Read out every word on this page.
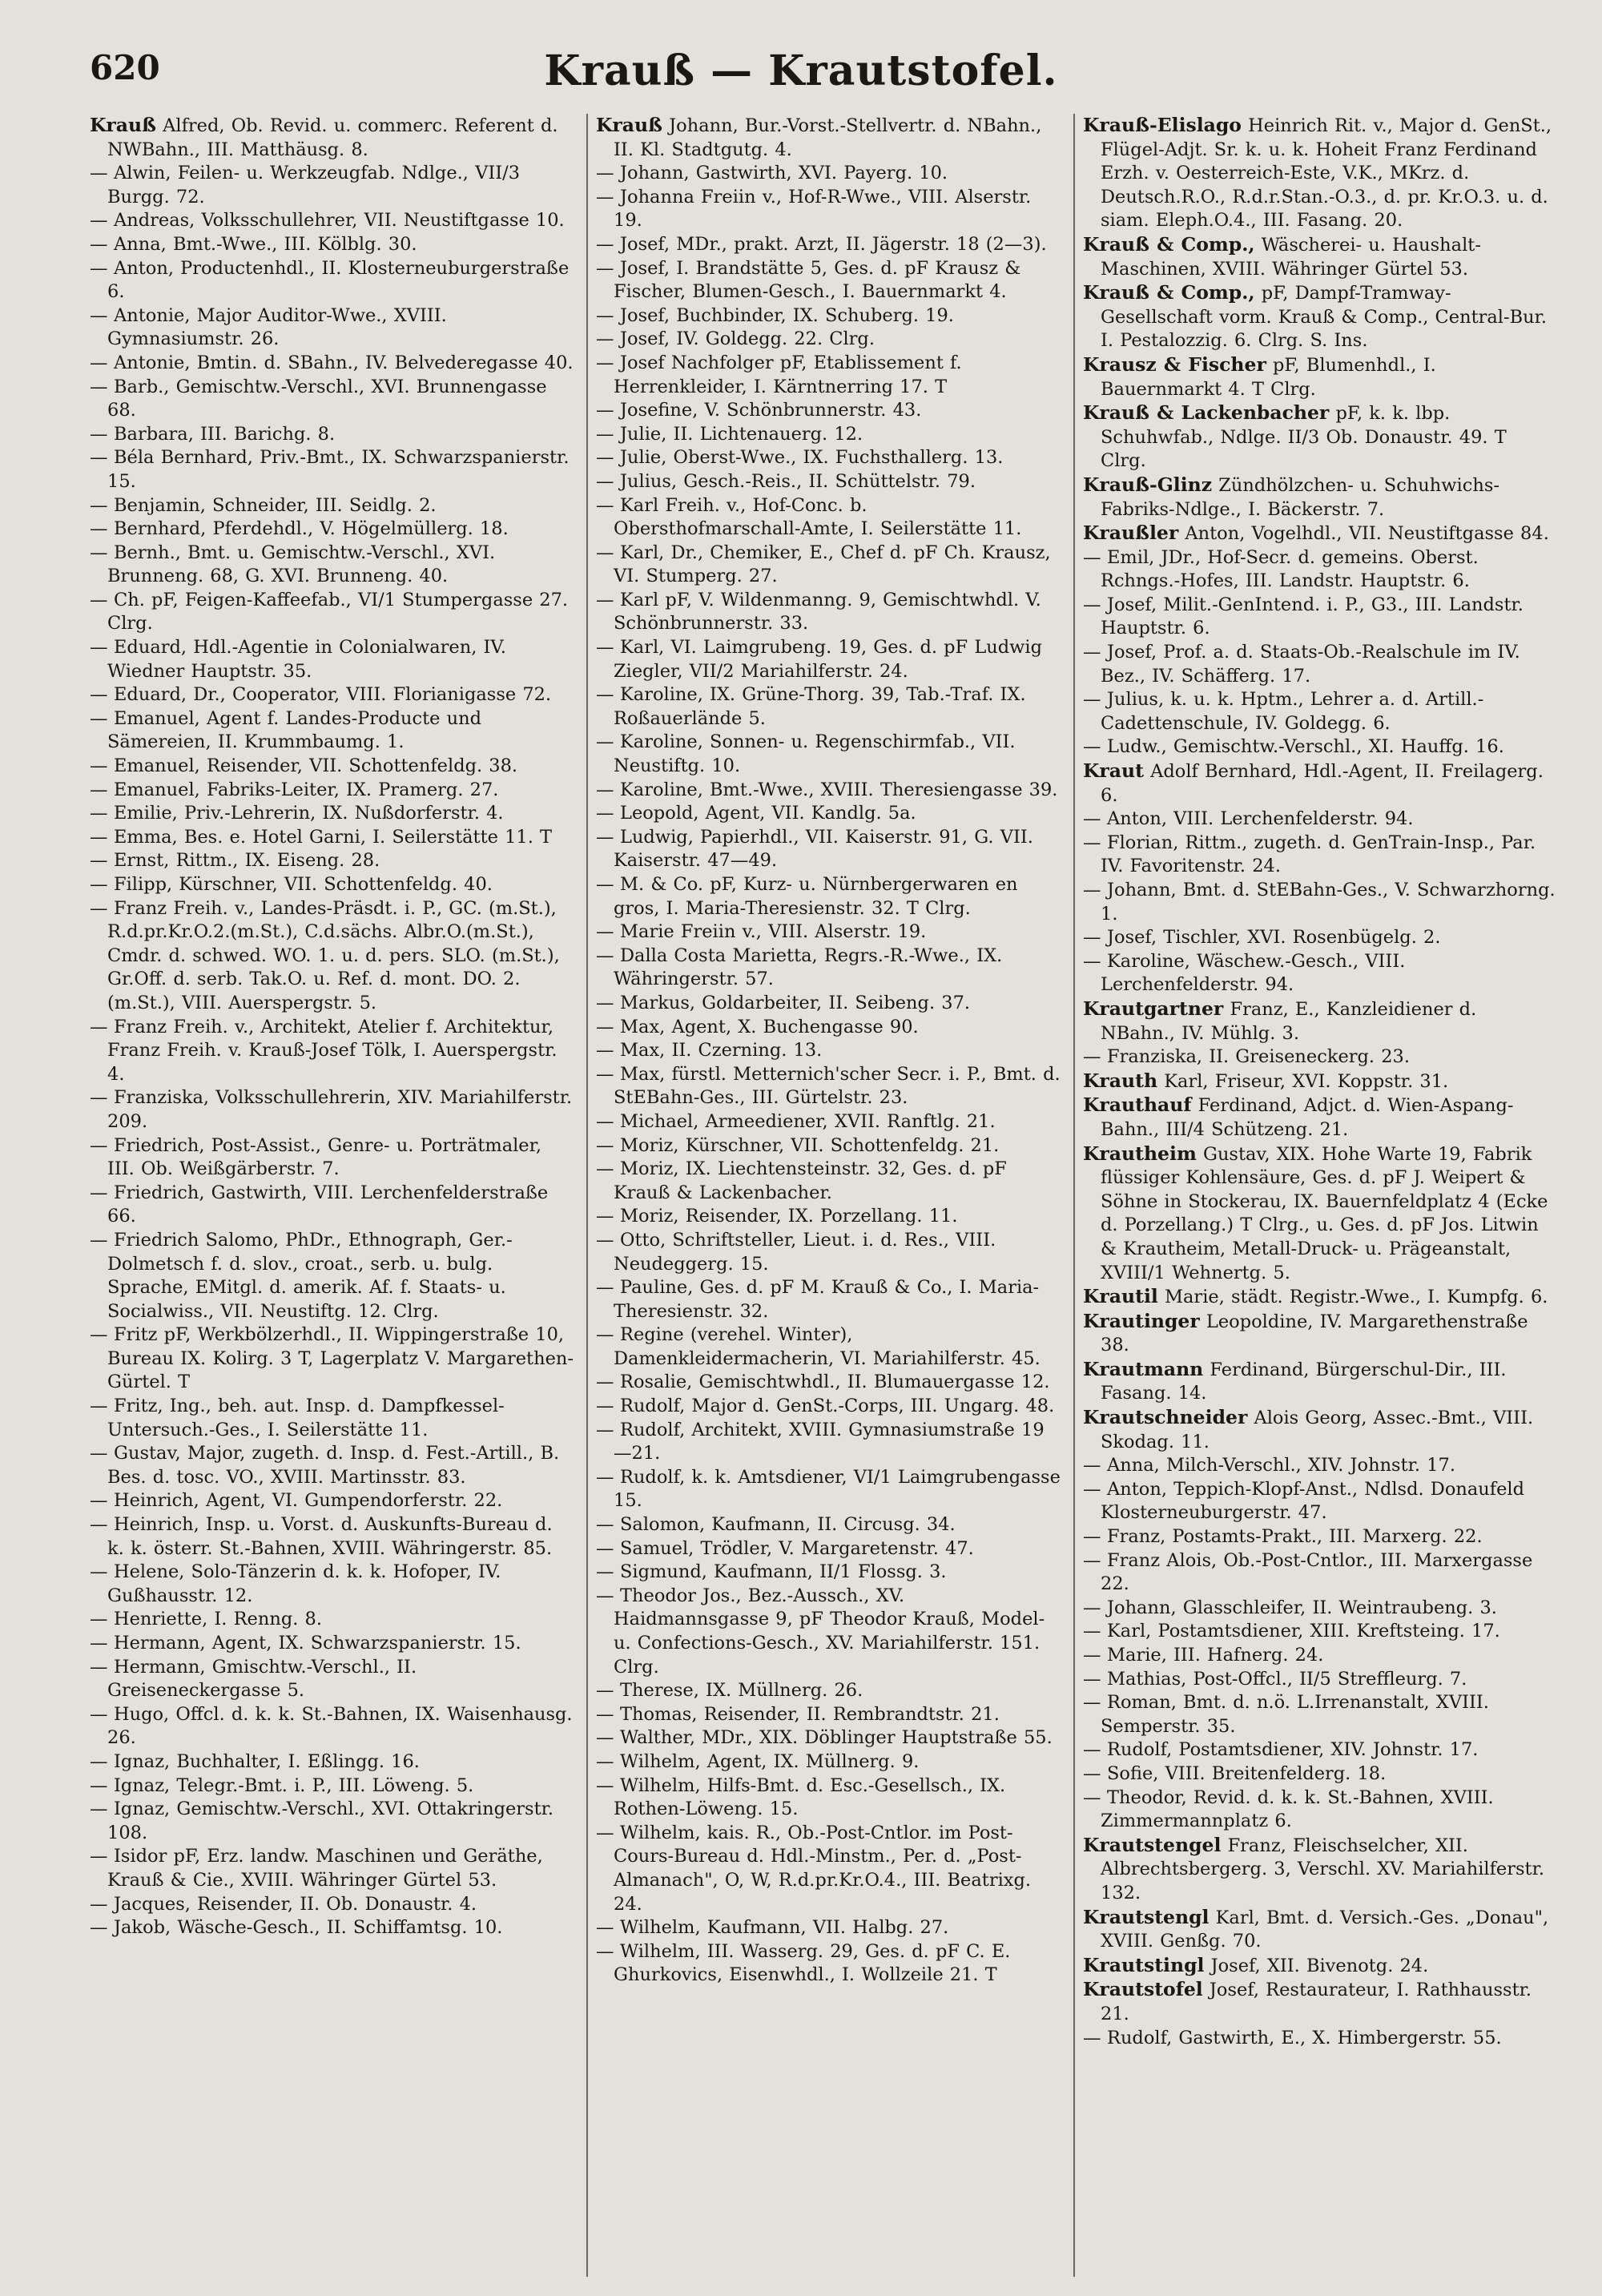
620	Krauß — Krautstofel.

Krauß Alfred, Ob. Revid. u. commerc. Referent d. NWBahn., III. Matthäusg. 8.

— Alwin, Feilen- u. Werkzeugfab. Ndlge., VII/3 Burgg. 72.

— Andreas, Volksschullehrer, VII. Neustiftgasse 10.

— Anna, Bmt.-Wwe., III. Kölblg. 30.

— Anton, Productenhdl., II. Klosterneuburgerstraße 6.

— Antonie, Major Auditor-Wwe., XVIII. Gymnasiumstr. 26.

— Antonie, Bmtin. d. SBahn., IV. Belvederegasse 40.

— Barb., Gemischtw.-Verschl., XVI. Brunnengasse 68.

— Barbara, III. Barichg. 8.

— Béla Bernhard, Priv.-Bmt., IX. Schwarzspanierstr. 15.

— Benjamin, Schneider, III. Seidlg. 2.

— Bernhard, Pferdehdl., V. Högelmüllerg. 18.

— Bernh., Bmt. u. Gemischtw.-Verschl., XVI. Brunneng. 68, G. XVI. Brunneng. 40.

— Ch. pF, Feigen-Kaffeefab., VI/1 Stumpergasse 27. Clrg.

— Eduard, Hdl.-Agentie in Colonialwaren, IV. Wiedner Hauptstr. 35.

— Eduard, Dr., Cooperator, VIII. Florianigasse 72.

— Emanuel, Agent f. Landes-Producte und Sämereien, II. Krummbaumg. 1.

— Emanuel, Reisender, VII. Schottenfeldg. 38.

— Emanuel, Fabriks-Leiter, IX. Pramerg. 27.

— Emilie, Priv.-Lehrerin, IX. Nußdorferstr. 4.

— Emma, Bes. e. Hotel Garni, I. Seilerstätte 11. T

— Ernst, Rittm., IX. Eiseng. 28.

— Filipp, Kürschner, VII. Schottenfeldg. 40.

— Franz Freih. v., Landes-Präsdt. i. P., GC. (m.St.), R.d.pr.Kr.O.2.(m.St.), C.d.sächs. Albr.O.(m.St.), Cmdr. d. schwed. WO. 1. u. d. pers. SLO. (m.St.), Gr.Off. d. serb. Tak.O. u. Ref. d. mont. DO. 2. (m.St.), VIII. Auerspergstr. 5.

— Franz Freih. v., Architekt, Atelier f. Architektur, Franz Freih. v. Krauß-Josef Tölk, I. Auerspergstr. 4.

— Franziska, Volksschullehrerin, XIV. Mariahilferstr. 209.

— Friedrich, Post-Assist., Genre- u. Porträtmaler, III. Ob. Weißgärberstr. 7.

— Friedrich, Gastwirth, VIII. Lerchenfelderstraße 66.

— Friedrich Salomo, PhDr., Ethnograph, Ger.-Dolmetsch f. d. slov., croat., serb. u. bulg. Sprache, EMitgl. d. amerik. Af. f. Staats- u. Socialwiss., VII. Neustiftg. 12. Clrg.

— Fritz pF, Werkbölzerhdl., II. Wippingerstraße 10, Bureau IX. Kolirg. 3 T, Lagerplatz V. Margarethen-Gürtel. T

— Fritz, Ing., beh. aut. Insp. d. Dampfkessel-Untersuch.-Ges., I. Seilerstätte 11.

— Gustav, Major, zugeth. d. Insp. d. Fest.-Artill., B. Bes. d. tosc. VO., XVIII. Martinsstr. 83.

— Heinrich, Agent, VI. Gumpendorferstr. 22.

— Heinrich, Insp. u. Vorst. d. Auskunfts-Bureau d. k. k. österr. St.-Bahnen, XVIII. Währingerstr. 85.

— Helene, Solo-Tänzerin d. k. k. Hofoper, IV. Gußhausstr. 12.

— Henriette, I. Renng. 8.

— Hermann, Agent, IX. Schwarzspanierstr. 15.

— Hermann, Gmischtw.-Verschl., II. Greiseneckergasse 5.

— Hugo, Offcl. d. k. k. St.-Bahnen, IX. Waisenhausg. 26.

— Ignaz, Buchhalter, I. Eßlingg. 16.

— Ignaz, Telegr.-Bmt. i. P., III. Löweng. 5.

— Ignaz, Gemischtw.-Verschl., XVI. Ottakringerstr. 108.

— Isidor pF, Erz. landw. Maschinen und Geräthe, Krauß & Cie., XVIII. Währinger Gürtel 53.

— Jacques, Reisender, II. Ob. Donaustr. 4.

— Jakob, Wäsche-Gesch., II. Schiffamtsg. 10.

Krauß Johann, Bur.-Vorst.-Stellvertr. d. NBahn., II. Kl. Stadtgutg. 4.

— Johann, Gastwirth, XVI. Payerg. 10.

— Johanna Freiin v., Hof-R-Wwe., VIII. Alserstr. 19.

— Josef, MDr., prakt. Arzt, II. Jägerstr. 18 (2—3).

— Josef, I. Brandstätte 5, Ges. d. pF Krausz & Fischer, Blumen-Gesch., I. Bauernmarkt 4.

— Josef, Buchbinder, IX. Schuberg. 19.

— Josef, IV. Goldegg. 22. Clrg.

— Josef Nachfolger pF, Etablissement f. Herrenkleider, I. Kärntnerring 17. T

— Josefine, V. Schönbrunnerstr. 43.

— Julie, II. Lichtenauerg. 12.

— Julie, Oberst-Wwe., IX. Fuchsthallerg. 13.

— Julius, Gesch.-Reis., II. Schüttelstr. 79.

— Karl Freih. v., Hof-Conc. b. Obersthofmarschall-Amte, I. Seilerstätte 11.

— Karl, Dr., Chemiker, E., Chef d. pF Ch. Krausz, VI. Stumperg. 27.

— Karl pF, V. Wildenmanng. 9, Gemischtwhdl. V. Schönbrunnerstr. 33.

— Karl, VI. Laimgrubeng. 19, Ges. d. pF Ludwig Ziegler, VII/2 Mariahilferstr. 24.

— Karoline, IX. Grüne-Thorg. 39, Tab.-Traf. IX. Roßauerlände 5.

— Karoline, Sonnen- u. Regenschirmfab., VII. Neustiftg. 10.

— Karoline, Bmt.-Wwe., XVIII. Theresiengasse 39.

— Leopold, Agent, VII. Kandlg. 5a.

— Ludwig, Papierhdl., VII. Kaiserstr. 91, G. VII. Kaiserstr. 47—49.

— M. & Co. pF, Kurz- u. Nürnbergerwaren en gros, I. Maria-Theresienstr. 32. T Clrg.

— Marie Freiin v., VIII. Alserstr. 19.

— Dalla Costa Marietta, Regrs.-R.-Wwe., IX. Währingerstr. 57.

— Markus, Goldarbeiter, II. Seibeng. 37.

— Max, Agent, X. Buchengasse 90.

— Max, II. Czerning. 13.

— Max, fürstl. Metternich'scher Secr. i. P., Bmt. d. StEBahn-Ges., III. Gürtelstr. 23.

— Michael, Armeediener, XVII. Ranftlg. 21.

— Moriz, Kürschner, VII. Schottenfeldg. 21.

— Moriz, IX. Liechtensteinstr. 32, Ges. d. pF Krauß & Lackenbacher.

— Moriz, Reisender, IX. Porzellang. 11.

— Otto, Schriftsteller, Lieut. i. d. Res., VIII. Neudeggerg. 15.

— Pauline, Ges. d. pF M. Krauß & Co., I. Maria-Theresienstr. 32.

— Regine (verehel. Winter), Damenkleidermacherin, VI. Mariahilferstr. 45.

— Rosalie, Gemischtwhdl., II. Blumauergasse 12.

— Rudolf, Major d. GenSt.-Corps, III. Ungarg. 48.

— Rudolf, Architekt, XVIII. Gymnasiumstraße 19—21.

— Rudolf, k. k. Amtsdiener, VI/1 Laimgrubengasse 15.

— Salomon, Kaufmann, II. Circusg. 34.

— Samuel, Trödler, V. Margaretenstr. 47.

— Sigmund, Kaufmann, II/1 Flossg. 3.

— Theodor Jos., Bez.-Aussch., XV. Haidmannsgasse 9, pF Theodor Krauß, Model- u. Confections-Gesch., XV. Mariahilferstr. 151. Clrg.

— Therese, IX. Müllnerg. 26.

— Thomas, Reisender, II. Rembrandtstr. 21.

— Walther, MDr., XIX. Döblinger Hauptstraße 55.

— Wilhelm, Agent, IX. Müllnerg. 9.

— Wilhelm, Hilfs-Bmt. d. Esc.-Gesellsch., IX. Rothen-Löweng. 15.

— Wilhelm, kais. R., Ob.-Post-Cntlor. im Post-Cours-Bureau d. Hdl.-Minstm., Per. d. „Post-Almanach", O, W, R.d.pr.Kr.O.4., III. Beatrixg. 24.

— Wilhelm, Kaufmann, VII. Halbg. 27.

— Wilhelm, III. Wasserg. 29, Ges. d. pF C. E. Ghurkovics, Eisenwhdl., I. Wollzeile 21. T

Krauß-Elislago Heinrich Rit. v., Major d. GenSt., Flügel-Adjt. Sr. k. u. k. Hoheit Franz Ferdinand Erzh. v. Oesterreich-Este, V.K., MKrz. d. Deutsch.R.O., R.d.r.Stan.-O.3., d. pr. Kr.O.3. u. d. siam. Eleph.O.4., III. Fasang. 20.

Krauß & Comp., Wäscherei- u. Haushalt-Maschinen, XVIII. Währinger Gürtel 53.

Krauß & Comp., pF, Dampf-Tramway-Gesellschaft vorm. Krauß & Comp., Central-Bur. I. Pestalozzig. 6. Clrg. S. Ins.

Krausz & Fischer pF, Blumenhdl., I. Bauernmarkt 4. T Clrg.

Krauß & Lackenbacher pF, k. k. lbp. Schuhwfab., Ndlge. II/3 Ob. Donaustr. 49. T Clrg.

Krauß-Glinz Zündhölzchen- u. Schuhwichs-Fabriks-Ndlge., I. Bäckerstr. 7.

Kraußler Anton, Vogelhdl., VII. Neustiftgasse 84.

— Emil, JDr., Hof-Secr. d. gemeins. Oberst. Rchngs.-Hofes, III. Landstr. Hauptstr. 6.

— Josef, Milit.-GenIntend. i. P., G3., III. Landstr. Hauptstr. 6.

— Josef, Prof. a. d. Staats-Ob.-Realschule im IV. Bez., IV. Schäfferg. 17.

— Julius, k. u. k. Hptm., Lehrer a. d. Artill.-Cadettenschule, IV. Goldegg. 6.

— Ludw., Gemischtw.-Verschl., XI. Hauffg. 16.

Kraut Adolf Bernhard, Hdl.-Agent, II. Freilagerg. 6.

— Anton, VIII. Lerchenfelderstr. 94.

— Florian, Rittm., zugeth. d. GenTrain-Insp., Par. IV. Favoritenstr. 24.

— Johann, Bmt. d. StEBahn-Ges., V. Schwarzhorng. 1.

— Josef, Tischler, XVI. Rosenbügelg. 2.

— Karoline, Wäschew.-Gesch., VIII. Lerchenfelderstr. 94.

Krautgartner Franz, E., Kanzleidiener d. NBahn., IV. Mühlg. 3.

— Franziska, II. Greiseneckerg. 23.

Krauth Karl, Friseur, XVI. Koppstr. 31.

Krauthauf Ferdinand, Adjct. d. Wien-Aspang-Bahn., III/4 Schützeng. 21.

Krautheim Gustav, XIX. Hohe Warte 19, Fabrik flüssiger Kohlensäure, Ges. d. pF J. Weipert & Söhne in Stockerau, IX. Bauernfeldplatz 4 (Ecke d. Porzellang.) T Clrg., u. Ges. d. pF Jos. Litwin & Krautheim, Metall-Druck- u. Prägeanstalt, XVIII/1 Wehnertg. 5.

Krautil Marie, städt. Registr.-Wwe., I. Kumpfg. 6.

Krautinger Leopoldine, IV. Margarethenstraße 38.

Krautmann Ferdinand, Bürgerschul-Dir., III. Fasang. 14.

Krautschneider Alois Georg, Assec.-Bmt., VIII. Skodag. 11.

— Anna, Milch-Verschl., XIV. Johnstr. 17.

— Anton, Teppich-Klopf-Anst., Ndlsd. Donaufeld Klosterneuburgerstr. 47.

— Franz, Postamts-Prakt., III. Marxerg. 22.

— Franz Alois, Ob.-Post-Cntlor., III. Marxergasse 22.

— Johann, Glasschleifer, II. Weintraubeng. 3.

— Karl, Postamtsdiener, XIII. Kreftsteing. 17.

— Marie, III. Hafnerg. 24.

— Mathias, Post-Offcl., II/5 Streffleurg. 7.

— Roman, Bmt. d. n.ö. L.Irrenanstalt, XVIII. Semperstr. 35.

— Rudolf, Postamtsdiener, XIV. Johnstr. 17.

— Sofie, VIII. Breitenfelderg. 18.

— Theodor, Revid. d. k. k. St.-Bahnen, XVIII. Zimmermannplatz 6.

Krautstengel Franz, Fleischselcher, XII. Albrechtsbergerg. 3, Verschl. XV. Mariahilferstr. 132.

Krautstengl Karl, Bmt. d. Versich.-Ges. „Donau", XVIII. Genßg. 70.

Krautstingl Josef, XII. Bivenotg. 24.

Krautstofel Josef, Restaurateur, I. Rathhausstr. 21.

— Rudolf, Gastwirth, E., X. Himbergerstr. 55.
